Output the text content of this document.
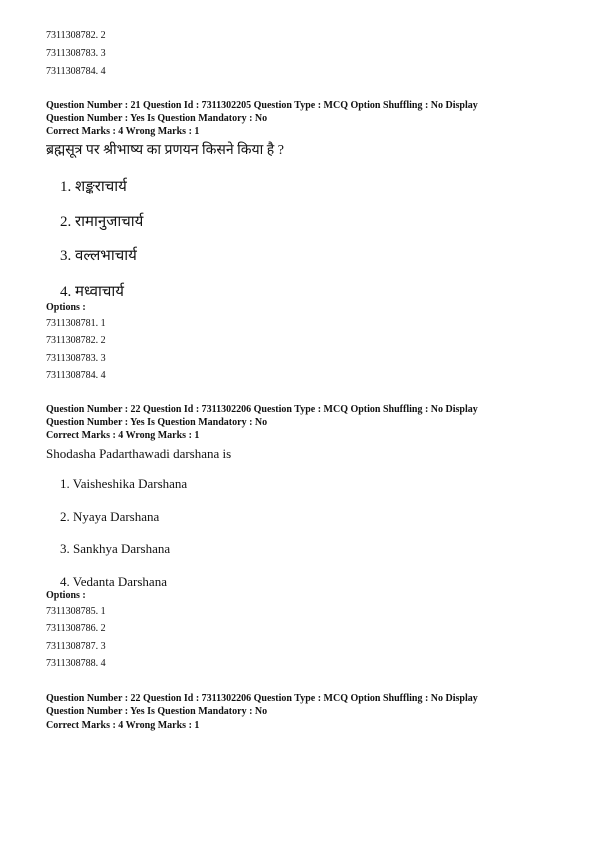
7311308782. 2
7311308783. 3
7311308784. 4
Question Number : 21 Question Id : 7311302205 Question Type : MCQ Option Shuffling : No Display
Question Number : Yes Is Question Mandatory : No
Correct Marks : 4 Wrong Marks : 1
ब्रह्मसूत्र पर श्रीभाष्य का प्रणयन किसने किया है ?
1. शङ्कराचार्य
2. रामानुजाचार्य
3. वल्लभाचार्य
4. मध्वाचार्य
Options :
7311308781. 1
7311308782. 2
7311308783. 3
7311308784. 4
Question Number : 22 Question Id : 7311302206 Question Type : MCQ Option Shuffling : No Display
Question Number : Yes Is Question Mandatory : No
Correct Marks : 4 Wrong Marks : 1
Shodasha Padarthawadi darshana is
1. Vaisheshika Darshana
2. Nyaya Darshana
3. Sankhya Darshana
4. Vedanta Darshana
Options :
7311308785. 1
7311308786. 2
7311308787. 3
7311308788. 4
Question Number : 22 Question Id : 7311302206 Question Type : MCQ Option Shuffling : No Display
Question Number : Yes Is Question Mandatory : No
Correct Marks : 4 Wrong Marks : 1
